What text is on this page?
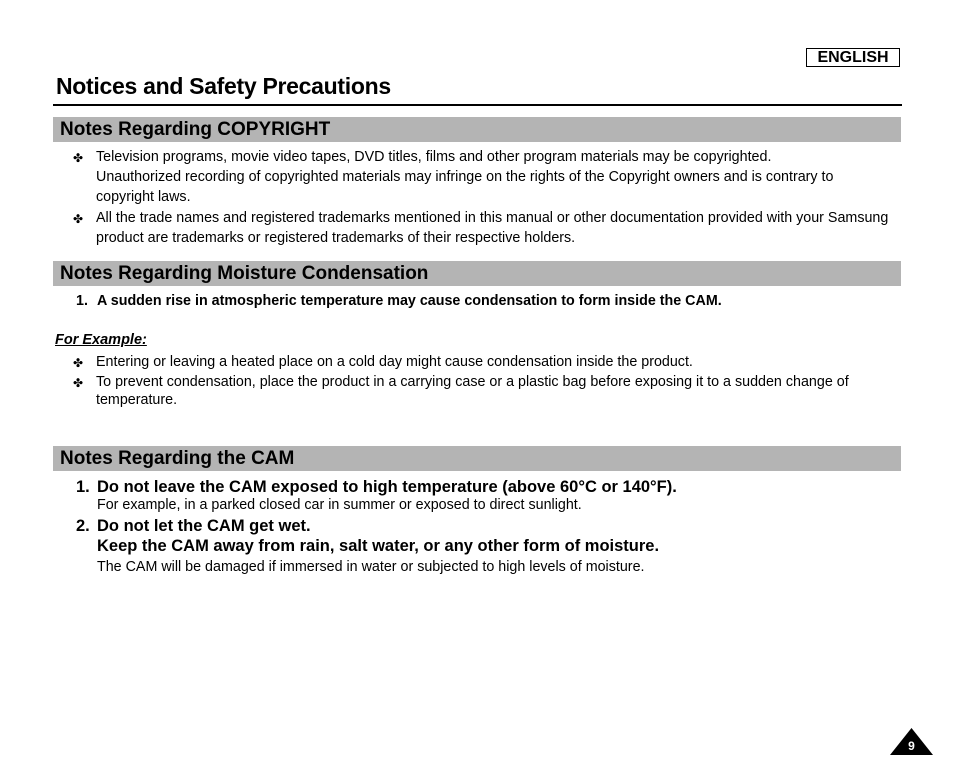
ENGLISH
Notices and Safety Precautions
Notes Regarding COPYRIGHT
✤ Television programs, movie video tapes, DVD titles, films and other program materials may be copyrighted.
Unauthorized recording of copyrighted materials may infringe on the rights of the Copyright owners and is contrary to copyright laws.
✤ All the trade names and registered trademarks mentioned in this manual or other documentation provided with your Samsung product are trademarks or registered trademarks of their respective holders.
Notes Regarding Moisture Condensation
1. A sudden rise in atmospheric temperature may cause condensation to form inside the CAM.
For Example:
✤ Entering or leaving a heated place on a cold day might cause condensation inside the product.
✤ To prevent condensation, place the product in a carrying case or a plastic bag before exposing it to a sudden change of temperature.
Notes Regarding the CAM
1. Do not leave the CAM exposed to high temperature (above 60°C or 140°F).
For example, in a parked closed car in summer or exposed to direct sunlight.
2. Do not let the CAM get wet.
Keep the CAM away from rain, salt water, or any other form of moisture.
The CAM will be damaged if immersed in water or subjected to high levels of moisture.
9
